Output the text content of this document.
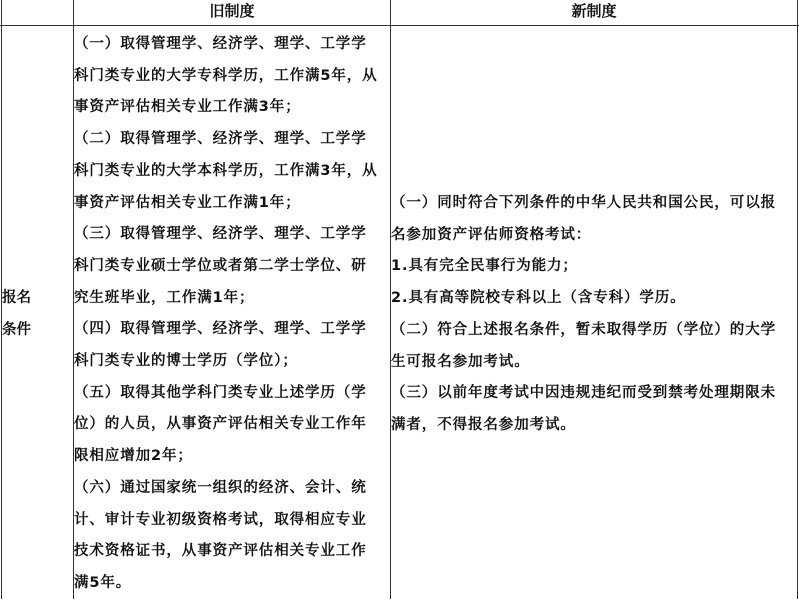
旧制度	新制度
报名
条件
（一）取得管理学、经济学、理学、工学学
科门类专业的大学专科学历，工作满5年，从
事资产评估相关专业工作满3年；
（二）取得管理学、经济学、理学、工学学
科门类专业的大学本科学历，工作满3年，从
事资产评估相关专业工作满1年；
（三）取得管理学、经济学、理学、工学学
科门类专业硕士学位或者第二学士学位、研
究生班毕业，工作满1年；
（四）取得管理学、经济学、理学、工学学
科门类专业的博士学历（学位）；
（五）取得其他学科门类专业上述学历（学
位）的人员，从事资产评估相关专业工作年
限相应增加2年；
（六）通过国家统一组织的经济、会计、统
计、审计专业初级资格考试，取得相应专业
技术资格证书，从事资产评估相关专业工作
满5年。
（一）同时符合下列条件的中华人民共和国公民，可以报
名参加资产评估师资格考试：
1.具有完全民事行为能力；
2.具有高等院校专科以上（含专科）学历。
（二）符合上述报名条件，暂未取得学历（学位）的大学
生可报名参加考试。
（三）以前年度考试中因违规违纪而受到禁考处理期限未
满者，不得报名参加考试。
